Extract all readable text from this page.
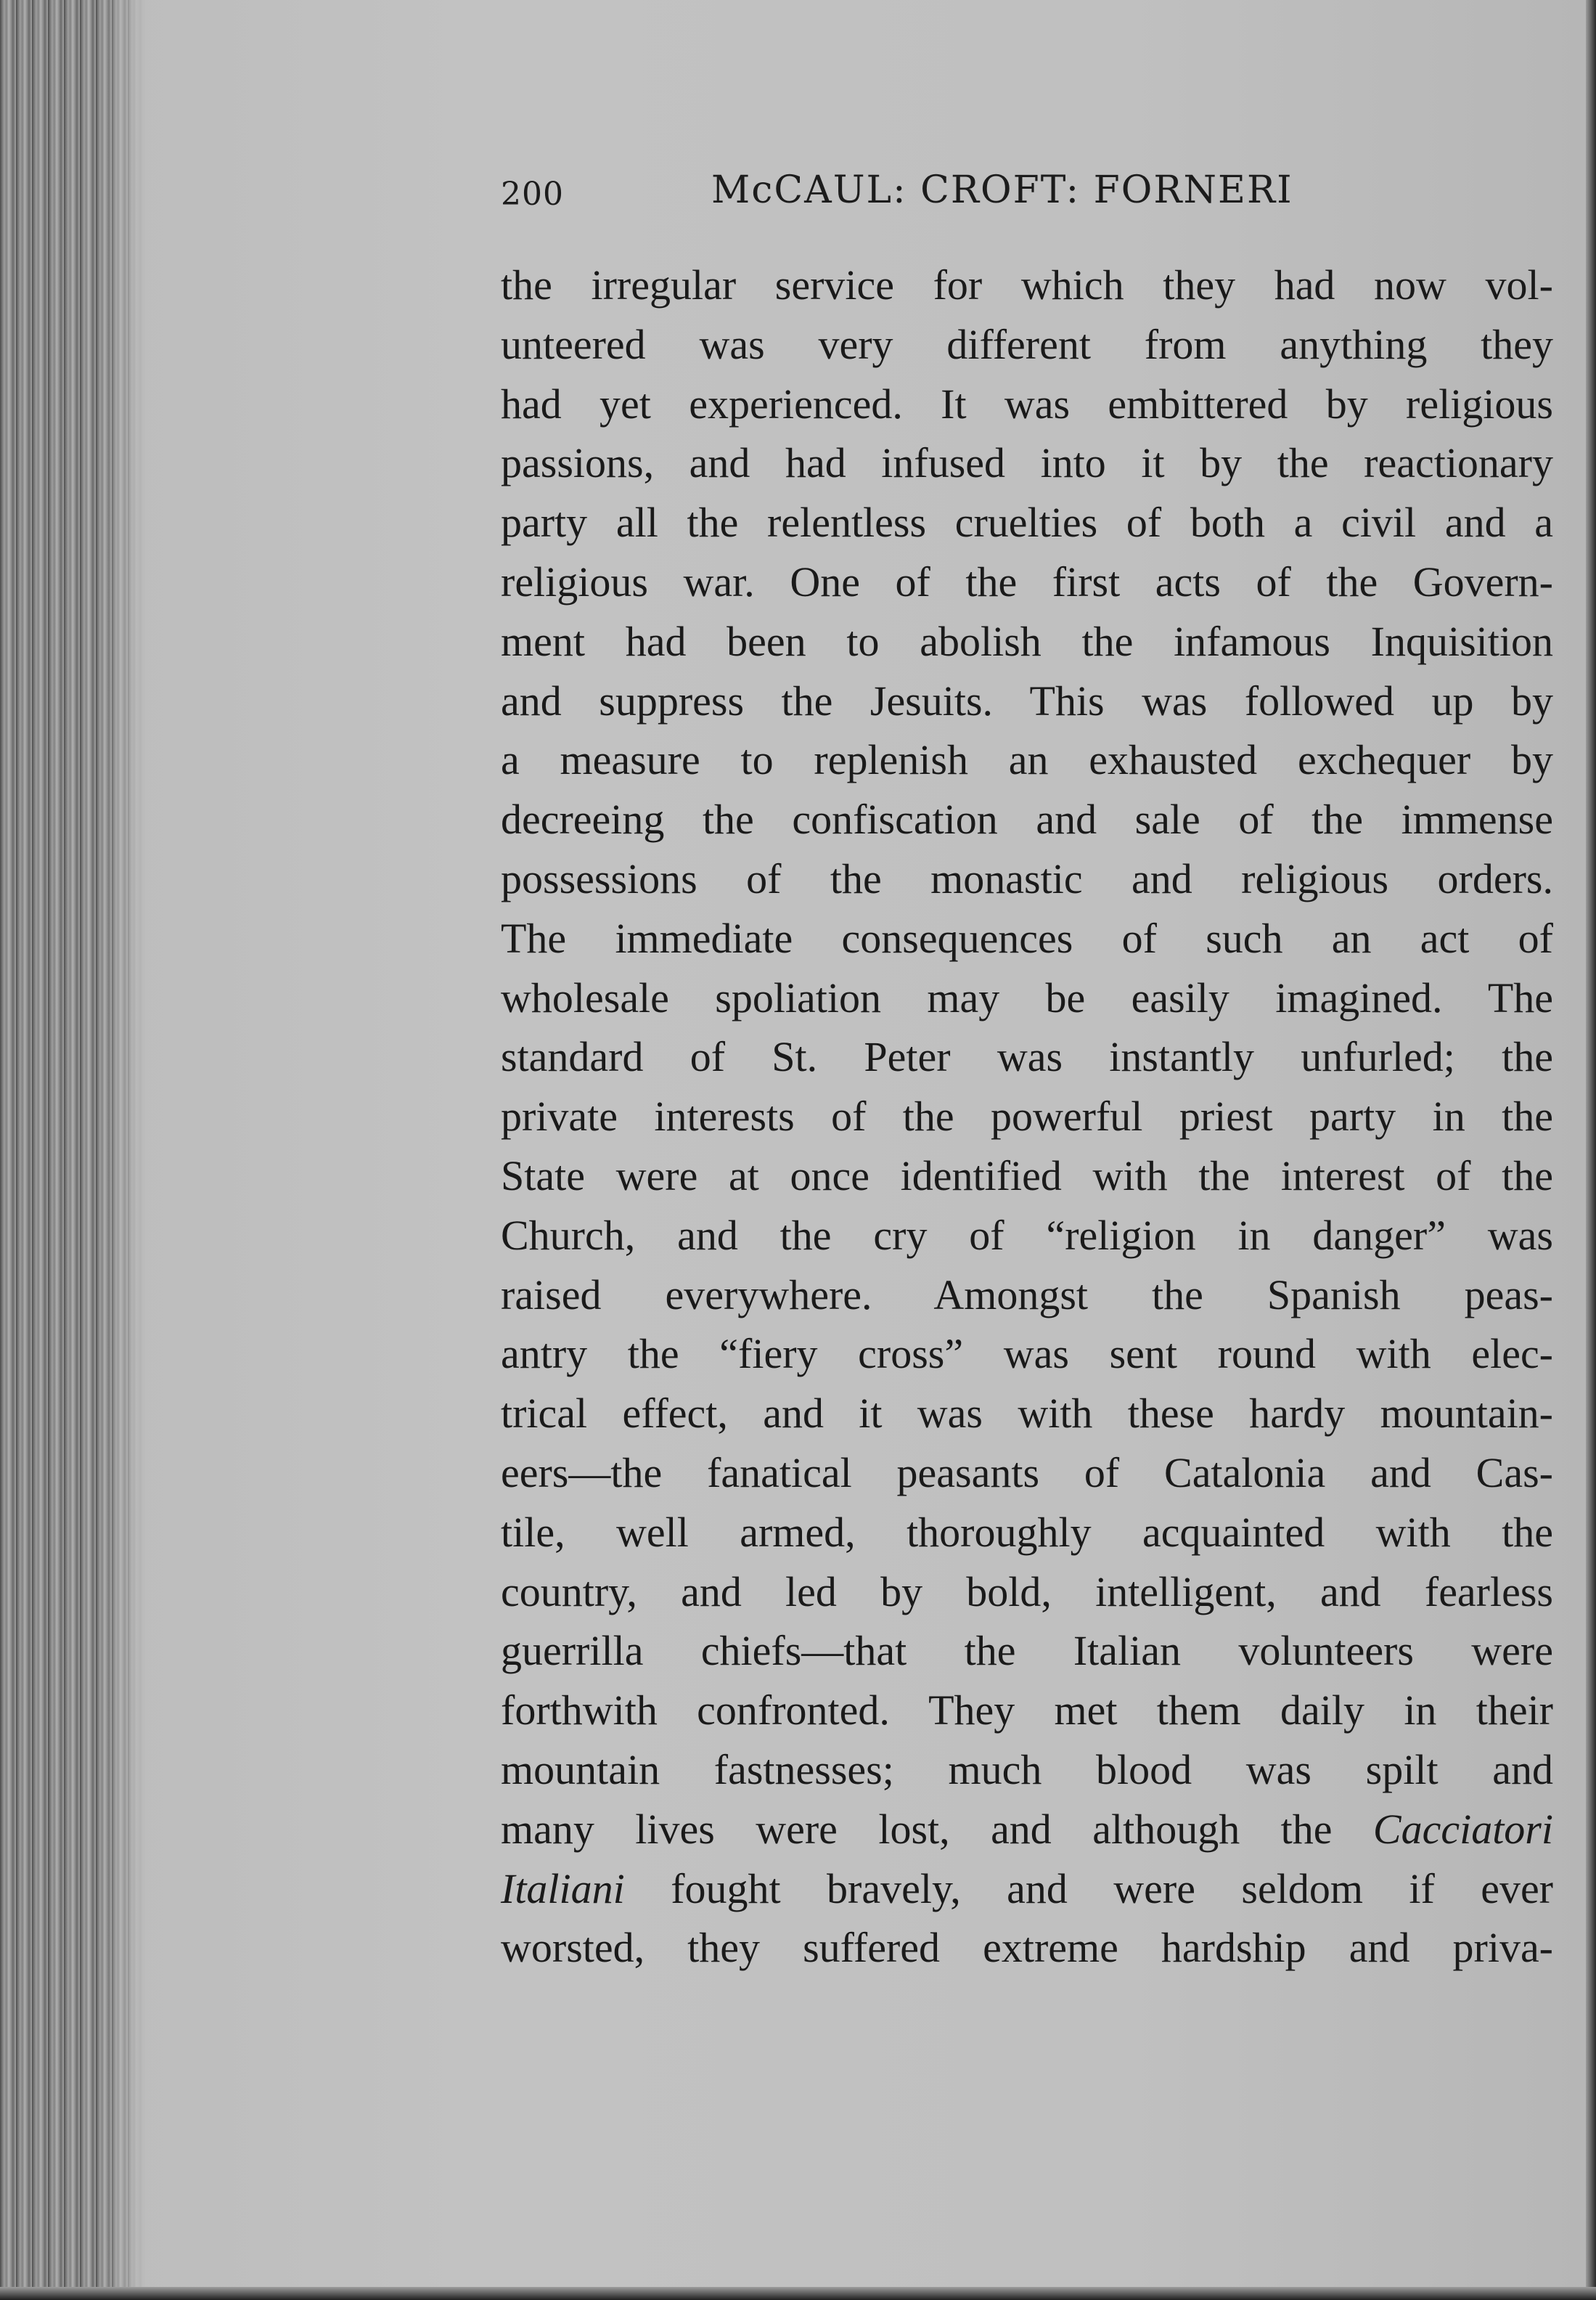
200	McCAUL: CROFT: FORNERI
the irregular service for which they had now vol-
unteered was very different from anything they
had yet experienced. It was embittered by religious
passions, and had infused into it by the reactionary
party all the relentless cruelties of both a civil and a
religious war. One of the first acts of the Govern-
ment had been to abolish the infamous Inquisition
and suppress the Jesuits. This was followed up by
a measure to replenish an exhausted exchequer by
decreeing the confiscation and sale of the immense
possessions of the monastic and religious orders.
The immediate consequences of such an act of
wholesale spoliation may be easily imagined. The
standard of St. Peter was instantly unfurled; the
private interests of the powerful priest party in the
State were at once identified with the interest of the
Church, and the cry of “religion in danger” was
raised everywhere. Amongst the Spanish peas-
antry the “fiery cross” was sent round with elec-
trical effect, and it was with these hardy mountain-
eers—the fanatical peasants of Catalonia and Cas-
tile, well armed, thoroughly acquainted with the
country, and led by bold, intelligent, and fearless
guerrilla chiefs—that the Italian volunteers were
forthwith confronted. They met them daily in their
mountain fastnesses; much blood was spilt and
many lives were lost, and although the Cacciatori
Italiani fought bravely, and were seldom if ever
worsted, they suffered extreme hardship and priva-
